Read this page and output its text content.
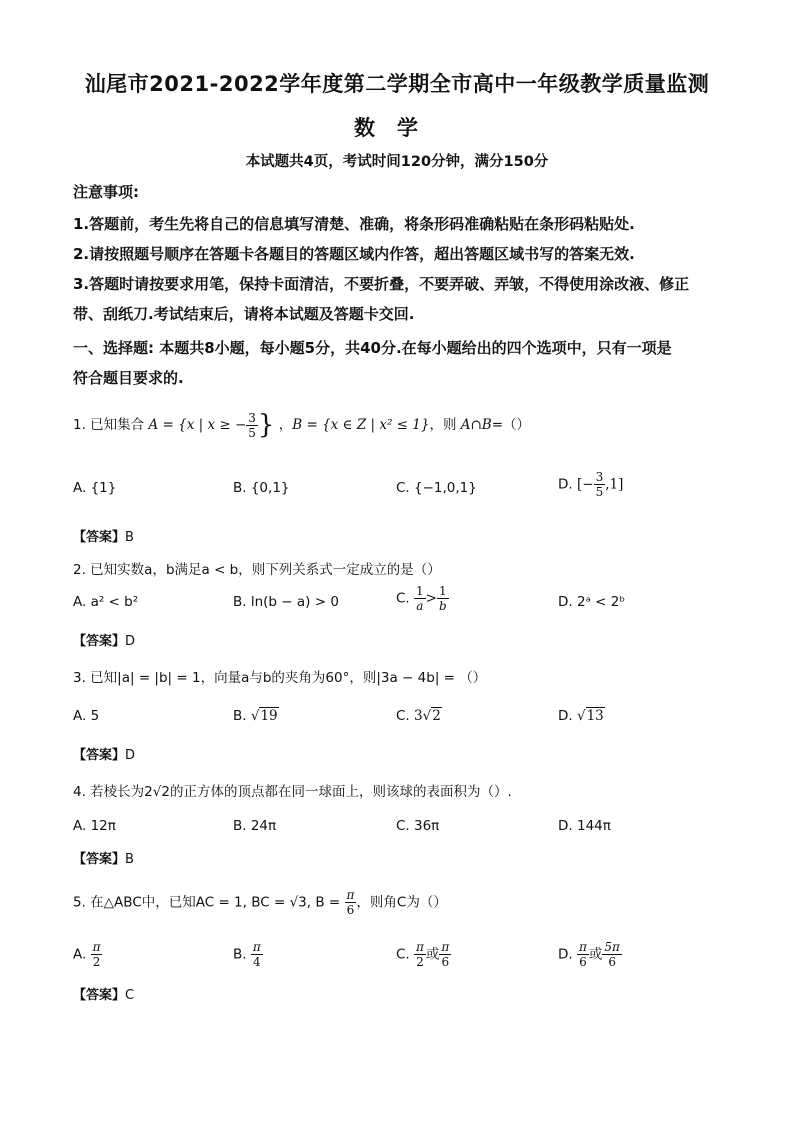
汕尾市2021-2022学年度第二学期全市高中一年级教学质量监测
数学
本试题共4页，考试时间120分钟，满分150分
注意事项:
1.答题前，考生先将自己的信息填写清楚、准确，将条形码准确粘贴在条形码粘贴处.
2.请按照题号顺序在答题卡各题目的答题区域内作答，超出答题区域书写的答案无效.
3.答题时请按要求用笔，保持卡面清洁，不要折叠，不要弄破、弄皱，不得使用涂改液、修正
带、刮纸刀.考试结束后，请将本试题及答题卡交回.
一、选择题: 本题共8小题，每小题5分，共40分.在每小题给出的四个选项中，只有一项是
符合题目要求的.
1. 已知集合 A = {x | x ≥ − $\frac{3}{5}$ } ，B = {x ∈ Z | x² ≤ 1}，则 A∩B=（）
A. {1}	B. {0,1}	C. {−1,0,1}	D. [− $\frac{3}{5} ,1$]
【答案】B
2. 已知实数a，b满足a < b，则下列关系式一定成立的是（）
A. a² < b²	B. ln(b − a) > 0	C. $\frac{1}{a} > \frac{1}{b}$	D. 2ᵃ < 2ᵇ
【答案】D
3. 已知|a| = |b| = 1，向量a与b的夹角为60°，则|3a − 4b| = （）
A. 5	B. √19	C. 3√2	D. √13
【答案】D
4. 若棱长为2√2的正方体的顶点都在同一球面上，则该球的表面积为（）.
A. 12π	B. 24π	C. 36π	D. 144π
【答案】B
5. 在△ABC中，已知AC = 1, BC = √3, $B = \frac{\pi}{6}$ ，则角C为（）
A. $\frac{\pi}{2}$	B. $\frac{\pi}{4}$	C. $\frac{\pi}{2}$ 或 $\frac{\pi}{6}$	D. $\frac{\pi}{6}$ 或 $\frac{5\pi}{6}$
【答案】C
